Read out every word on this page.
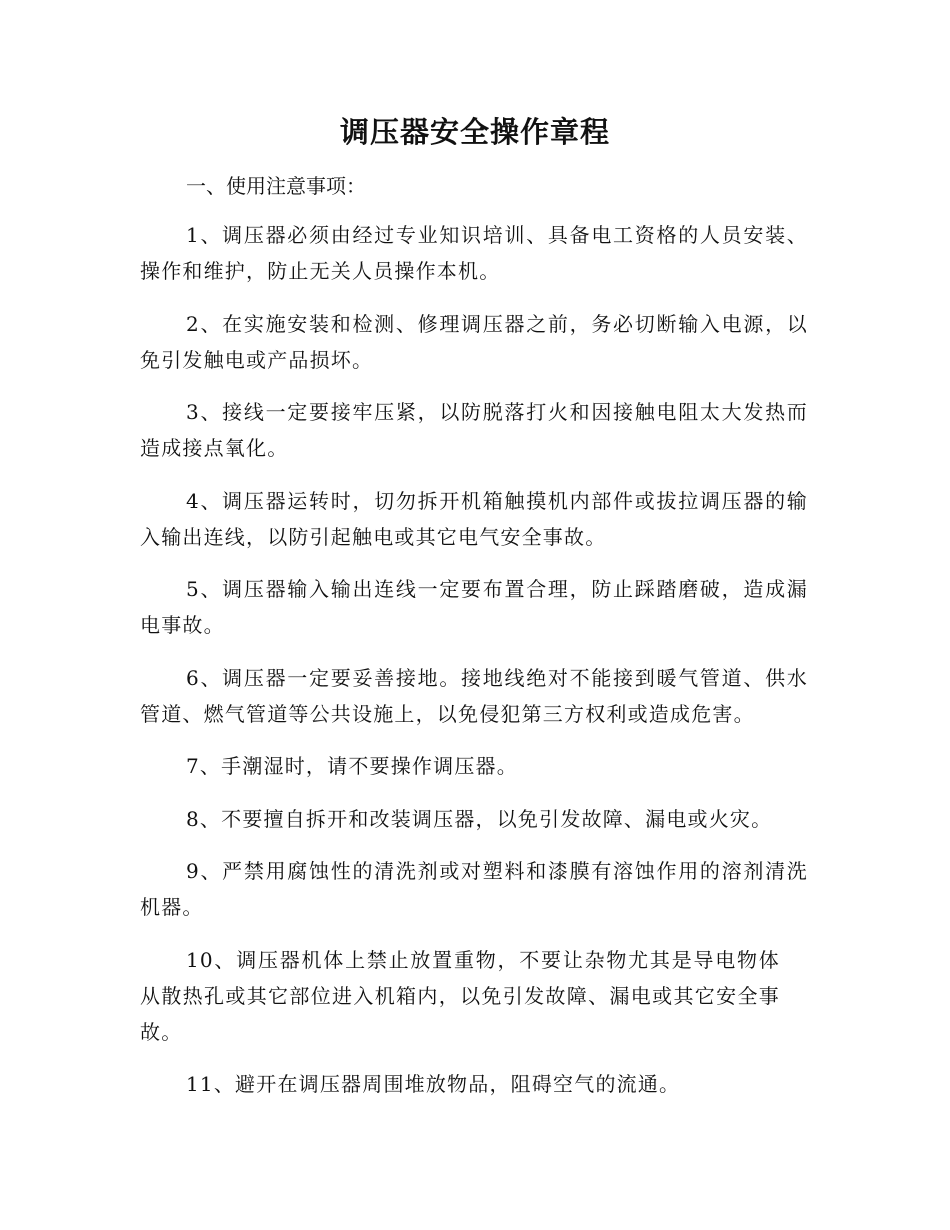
调压器安全操作章程

一、使用注意事项：

1、调压器必须由经过专业知识培训、具备电工资格的人员安装、操作和维护，防止无关人员操作本机。
2、在实施安装和检测、修理调压器之前，务必切断输入电源，以免引发触电或产品损坏。
3、接线一定要接牢压紧，以防脱落打火和因接触电阻太大发热而造成接点氧化。
4、调压器运转时，切勿拆开机箱触摸机内部件或拔拉调压器的输入输出连线，以防引起触电或其它电气安全事故。
5、调压器输入输出连线一定要布置合理，防止踩踏磨破，造成漏电事故。
6、调压器一定要妥善接地。接地线绝对不能接到暖气管道、供水管道、燃气管道等公共设施上，以免侵犯第三方权利或造成危害。
7、手潮湿时，请不要操作调压器。
8、不要擅自拆开和改装调压器，以免引发故障、漏电或火灾。
9、严禁用腐蚀性的清洗剂或对塑料和漆膜有溶蚀作用的溶剂清洗机器。
10、调压器机体上禁止放置重物，不要让杂物尤其是导电物体从散热孔或其它部位进入机箱内，以免引发故障、漏电或其它安全事故。
11、避开在调压器周围堆放物品，阻碍空气的流通。
